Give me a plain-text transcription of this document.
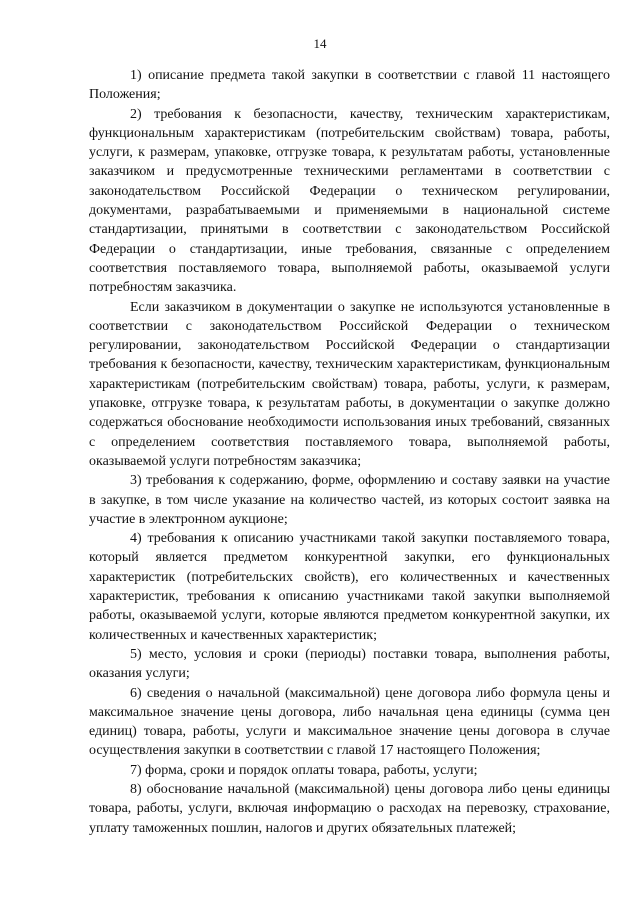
14

1) описание предмета такой закупки в соответствии с главой 11 настоящего Положения;

2) требования к безопасности, качеству, техническим характеристикам, функциональным характеристикам (потребительским свойствам) товара, работы, услуги, к размерам, упаковке, отгрузке товара, к результатам работы, установленные заказчиком и предусмотренные техническими регламентами в соответствии с законодательством Российской Федерации о техническом регулировании, документами, разрабатываемыми и применяемыми в национальной системе стандартизации, принятыми в соответствии с законодательством Российской Федерации о стандартизации, иные требования, связанные с определением соответствия поставляемого товара, выполняемой работы, оказываемой услуги потребностям заказчика.

Если заказчиком в документации о закупке не используются установленные в соответствии с законодательством Российской Федерации о техническом регулировании, законодательством Российской Федерации о стандартизации требования к безопасности, качеству, техническим характеристикам, функциональным характеристикам (потребительским свойствам) товара, работы, услуги, к размерам, упаковке, отгрузке товара, к результатам работы, в документации о закупке должно содержаться обоснование необходимости использования иных требований, связанных с определением соответствия поставляемого товара, выполняемой работы, оказываемой услуги потребностям заказчика;

3) требования к содержанию, форме, оформлению и составу заявки на участие в закупке, в том числе указание на количество частей, из которых состоит заявка на участие в электронном аукционе;

4) требования к описанию участниками такой закупки поставляемого товара, который является предметом конкурентной закупки, его функциональных характеристик (потребительских свойств), его количественных и качественных характеристик, требования к описанию участниками такой закупки выполняемой работы, оказываемой услуги, которые являются предметом конкурентной закупки, их количественных и качественных характеристик;

5) место, условия и сроки (периоды) поставки товара, выполнения работы, оказания услуги;

6) сведения о начальной (максимальной) цене договора либо формула цены и максимальное значение цены договора, либо начальная цена единицы (сумма цен единиц) товара, работы, услуги и максимальное значение цены договора в случае осуществления закупки в соответствии с главой 17 настоящего Положения;

7) форма, сроки и порядок оплаты товара, работы, услуги;

8) обоснование начальной (максимальной) цены договора либо цены единицы товара, работы, услуги, включая информацию о расходах на перевозку, страхование, уплату таможенных пошлин, налогов и других обязательных платежей;
